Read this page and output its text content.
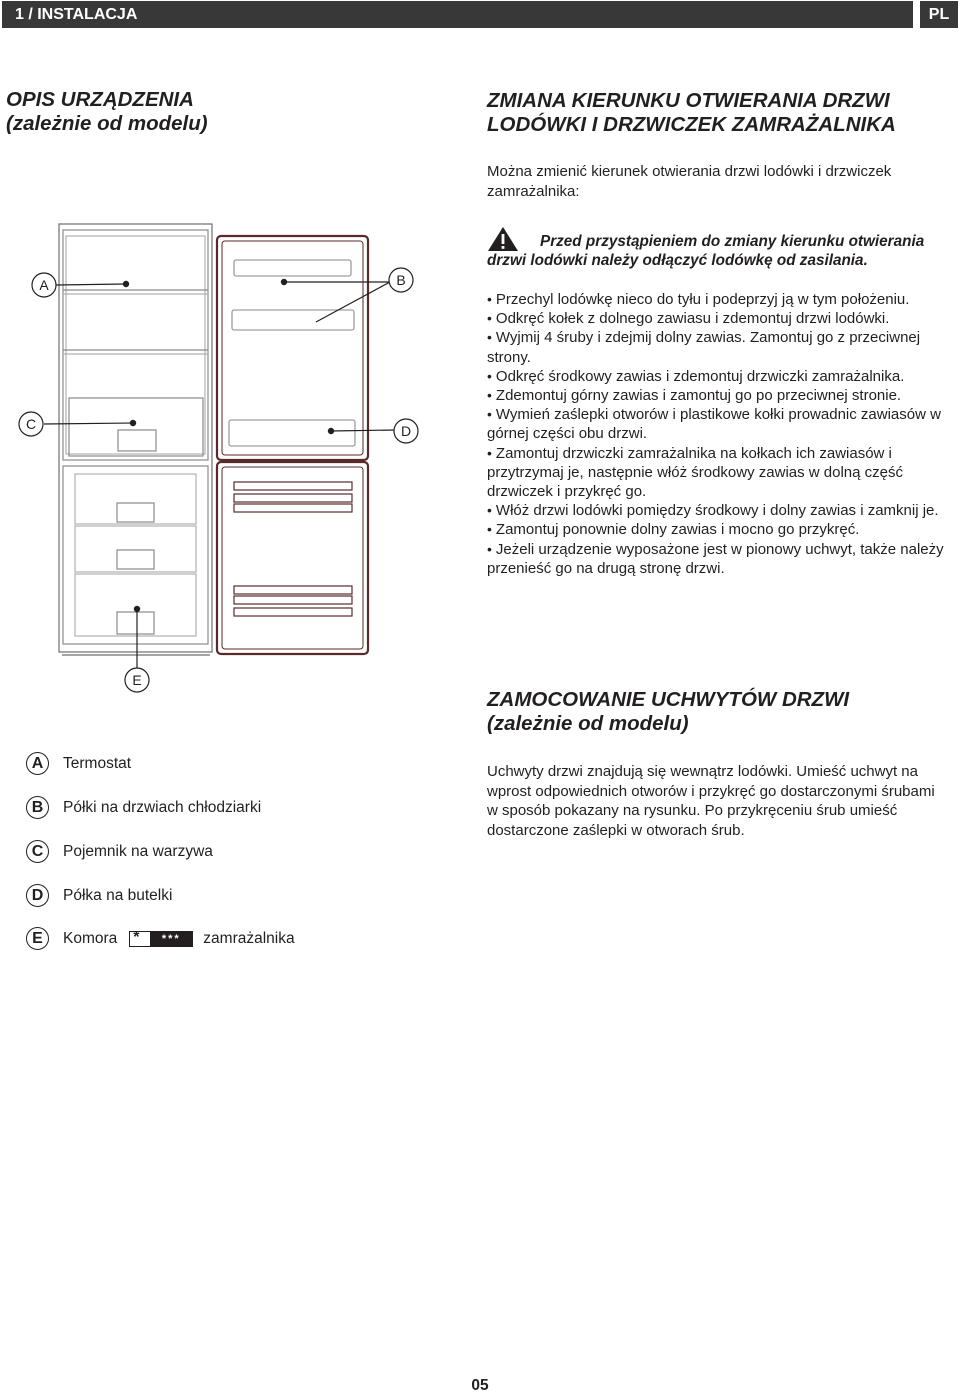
1 / INSTALACJA	PL
OPIS URZĄDZENIA
(zależnie od modelu)
ZMIANA KIERUNKU OTWIERANIA DRZWI
LODÓWKI I DRZWICZEK ZAMRAŻALNIKA
Można zmienić kierunek otwierania drzwi lodówki i drzwiczek zamrażalnika:
Przed przystąpieniem do zmiany kierunku otwierania drzwi lodówki należy odłączyć lodówkę od zasilania.
• Przechyl lodówkę nieco do tyłu i podeprzyj ją w tym położeniu.
• Odkręć kołek z dolnego zawiasu i zdemontuj drzwi lodówki.
• Wyjmij 4 śruby i zdejmij dolny zawias. Zamontuj go z przeciwnej strony.
• Odkręć środkowy zawias i zdemontuj drzwiczki zamrażalnika.
• Zdemontuj górny zawias i zamontuj go po przeciwnej stronie.
• Wymień zaślepki otworów i plastikowe kołki prowadnic zawiasów w górnej części obu drzwi.
• Zamontuj drzwiczki zamrażalnika na kołkach ich zawiasów i przytrzymaj je, następnie włóż środkowy zawias w dolną część drzwiczek i przykręć go.
• Włóż drzwi lodówki pomiędzy środkowy i dolny zawias i zamknij je.
• Zamontuj ponownie dolny zawias i mocno go przykręć.
• Jeżeli urządzenie wyposażone jest w pionowy uchwyt, także należy przenieść go na drugą stronę drzwi.
ZAMOCOWANIE UCHWYTÓW DRZWI
(zależnie od modelu)
Uchwyty drzwi znajdują się wewnątrz lodówki. Umieść uchwyt na wprost odpowiednich otworów i przykręć go dostarczonymi śrubami w sposób pokazany na rysunku. Po przykręceniu śrub umieść dostarczone zaślepki w otworach śrub.
A
C
B
D
E
A	Termostat
B	Półki na drzwiach chłodziarki
C	Pojemnik na warzywa
D	Półka na butelki
E	Komora *	***	zamrażalnika
05
